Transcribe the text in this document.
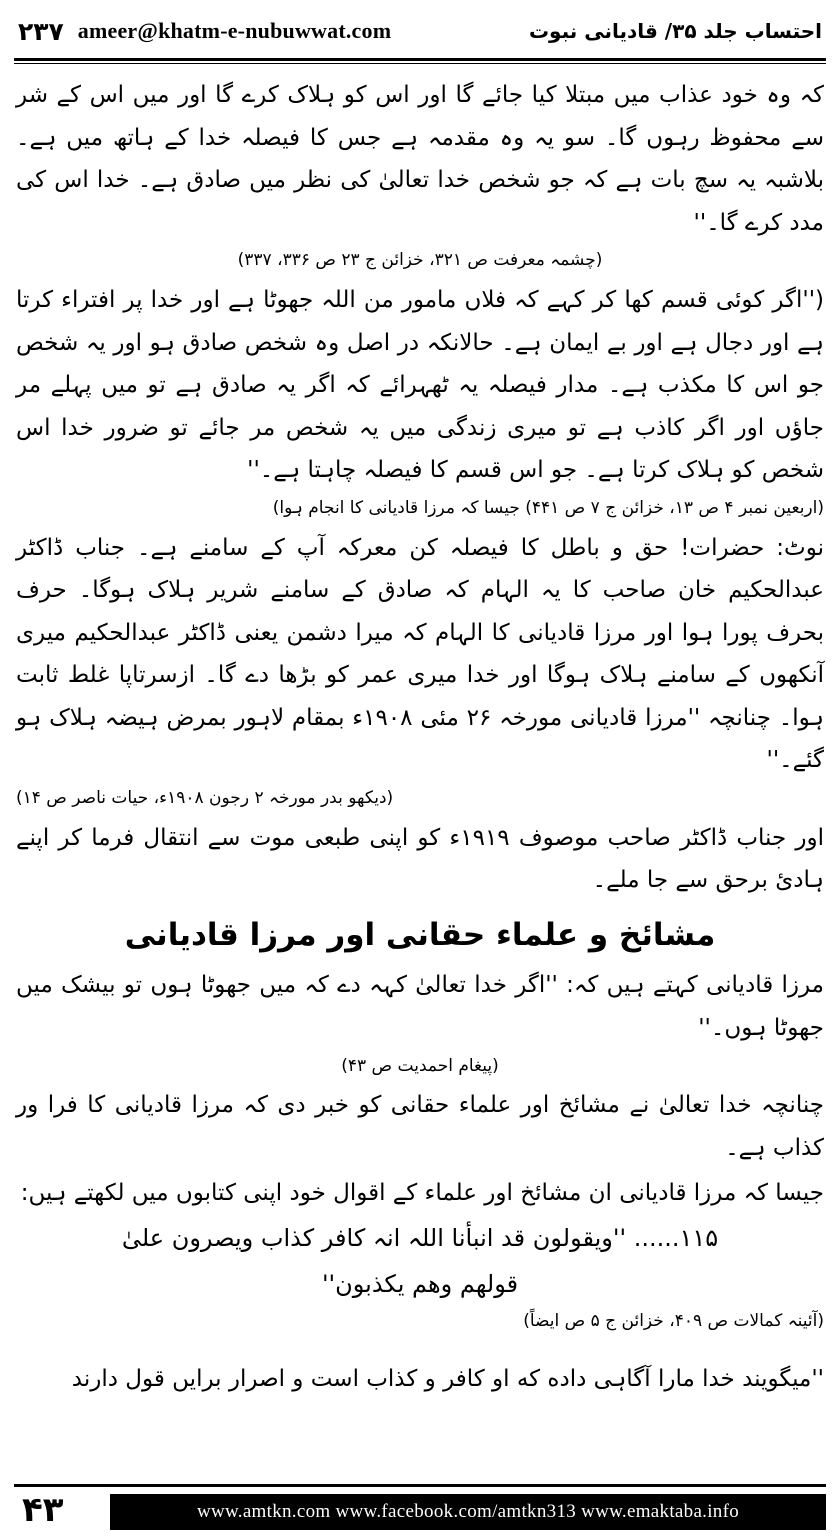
احتساب جلد ۳۵/ قادیانی نبوت
۲۳۷ ameer@khatm-e-nubuwwat.com

کہ وہ خود عذاب میں مبتلا کیا جائے گا اور اس کو ہلاک کرے گا اور میں اس کے شر سے محفوظ رہوں گا۔ سو یہ وہ مقدمہ ہے جس کا فیصلہ خدا کے ہاتھ میں ہے۔ بلاشبہ یہ سچ بات ہے کہ جو شخص خدا تعالیٰ کی نظر میں صادق ہے۔ خدا اس کی مدد کرے گا۔''

(چشمہ معرفت ص ۳۲۱، خزائن ج ۲۳ ص ۳۳۶، ۳۳۷)

(''اگر کوئی قسم کھا کر کہے کہ فلاں مامور من اللہ جھوٹا ہے اور خدا پر افتراء کرتا ہے اور دجال ہے اور بے ایمان ہے۔ حالانکہ در اصل وہ شخص صادق ہو اور یہ شخص جو اس کا مکذب ہے۔ مدار فیصلہ یہ ٹھہرائے کہ اگر یہ صادق ہے تو میں پہلے مر جاؤں اور اگر کاذب ہے تو میری زندگی میں یہ شخص مر جائے تو ضرور خدا اس شخص کو ہلاک کرتا ہے۔ جو اس قسم کا فیصلہ چاہتا ہے۔''

(اربعین نمبر ۴ ص ۱۳، خزائن ج ۷ ص ۴۴۱) جیسا کہ مرزا قادیانی کا انجام ہوا)

نوٹ: حضرات! حق و باطل کا فیصلہ کن معرکہ آپ کے سامنے ہے۔ جناب ڈاکٹر عبدالحکیم خان صاحب کا یہ الہام کہ صادق کے سامنے شریر ہلاک ہوگا۔ حرف بحرف پورا ہوا اور مرزا قادیانی کا الہام کہ میرا دشمن یعنی ڈاکٹر عبدالحکیم میری آنکھوں کے سامنے ہلاک ہوگا اور خدا میری عمر کو بڑھا دے گا۔ ازسرتاپا غلط ثابت ہوا۔ چنانچہ ''مرزا قادیانی مورخہ ۲۶ مئی ۱۹۰۸ء بمقام لاہور بمرض ہیضہ ہلاک ہو گئے۔''

(دیکھو بدر مورخہ ۲ رجون ۱۹۰۸ء، حیات ناصر ص ۱۴)

اور جناب ڈاکٹر صاحب موصوف ۱۹۱۹ء کو اپنی طبعی موت سے انتقال فرما کر اپنے ہادئ برحق سے جا ملے۔

مشائخ و علماء حقانی اور مرزا قادیانی

مرزا قادیانی کہتے ہیں کہ: ''اگر خدا تعالیٰ کہہ دے کہ میں جھوٹا ہوں تو بیشک میں جھوٹا ہوں۔''

(پیغام احمدیت ص ۴۳)

چنانچہ خدا تعالیٰ نے مشائخ اور علماء حقانی کو خبر دی کہ مرزا قادیانی کا فرا ور کذاب ہے۔

جیسا کہ مرزا قادیانی ان مشائخ اور علماء کے اقوال خود اپنی کتابوں میں لکھتے ہیں:

۱۱۵...... ''ویقولون قد انبأنا اللہ انہ کافر کذاب ویصرون علیٰ
قولھم وھم یکذبون''
(آئینہ کمالات ص ۴۰۹، خزائن ج ۵ ص ایضاً)

''میگویند خدا مارا آگاہی داده که او کافر و کذاب است و اصرار برایں قول دارند

۴۳	www.amtkn.com www.facebook.com/amtkn313 www.emaktaba.info
